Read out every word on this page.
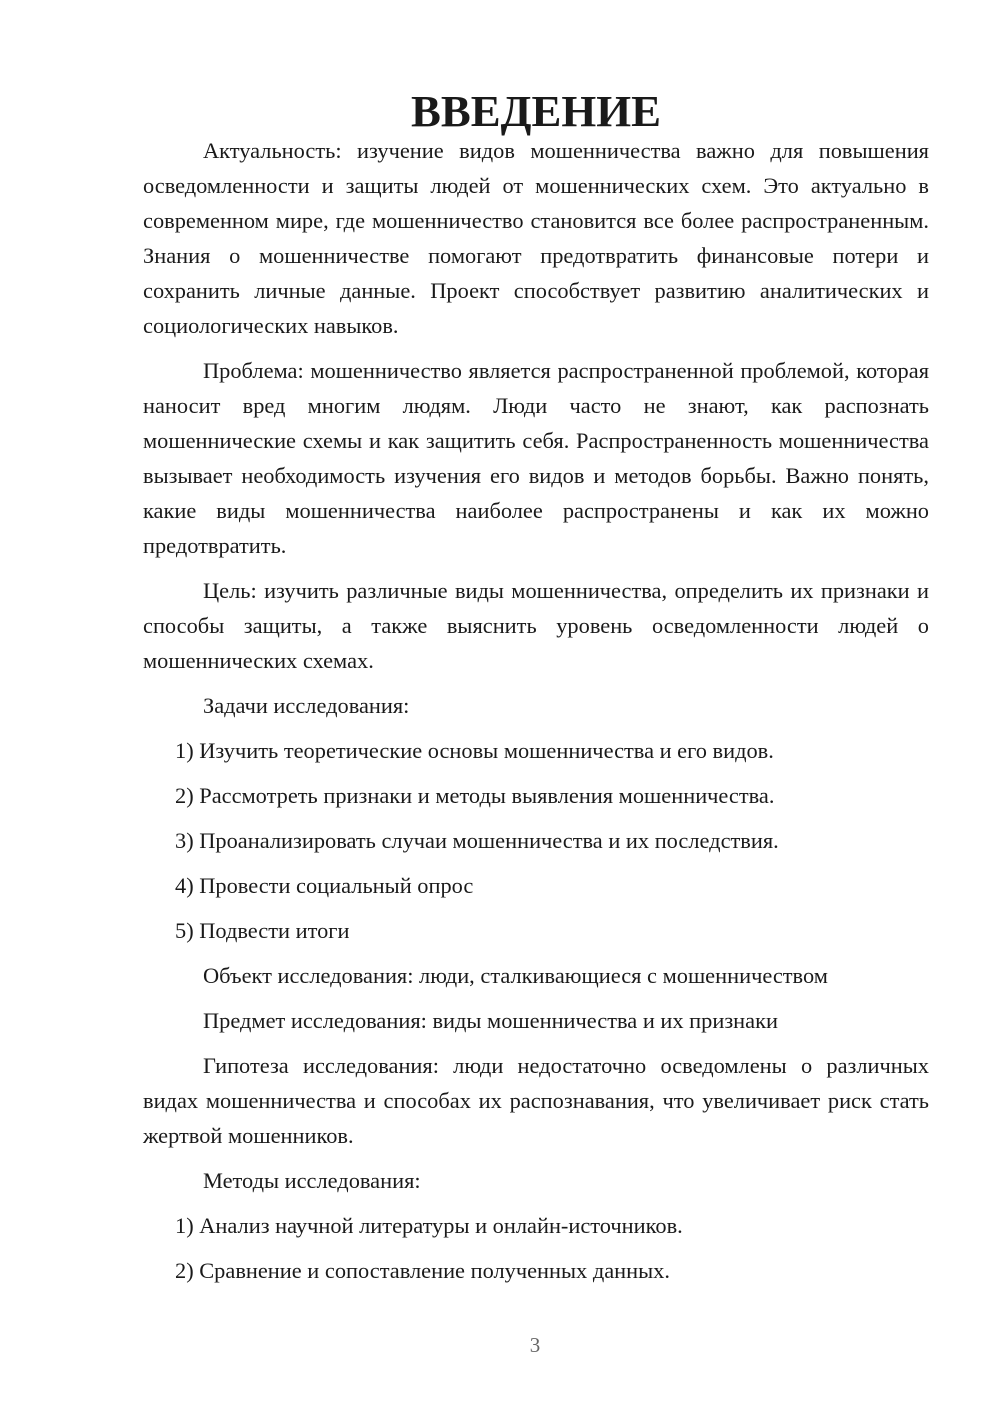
ВВЕДЕНИЕ

Актуальность: изучение видов мошенничества важно для повышения осведомленности и защиты людей от мошеннических схем. Это актуально в современном мире, где мошенничество становится все более распространенным. Знания о мошенничестве помогают предотвратить финансовые потери и сохранить личные данные. Проект способствует развитию аналитических и социологических навыков.

Проблема: мошенничество является распространенной проблемой, которая наносит вред многим людям. Люди часто не знают, как распознать мошеннические схемы и как защитить себя. Распространенность мошенничества вызывает необходимость изучения его видов и методов борьбы. Важно понять, какие виды мошенничества наиболее распространены и как их можно предотвратить.

Цель: изучить различные виды мошенничества, определить их признаки и способы защиты, а также выяснить уровень осведомленности людей о мошеннических схемах.

Задачи исследования:

1) Изучить теоретические основы мошенничества и его видов.
2) Рассмотреть признаки и методы выявления мошенничества.
3) Проанализировать случаи мошенничества и их последствия.
4) Провести социальный опрос
5) Подвести итоги

Объект исследования: люди, сталкивающиеся с мошенничеством

Предмет исследования: виды мошенничества и их признаки

Гипотеза исследования: люди недостаточно осведомлены о различных видах мошенничества и способах их распознавания, что увеличивает риск стать жертвой мошенников.

Методы исследования:

1) Анализ научной литературы и онлайн-источников.
2) Сравнение и сопоставление полученных данных.
3
